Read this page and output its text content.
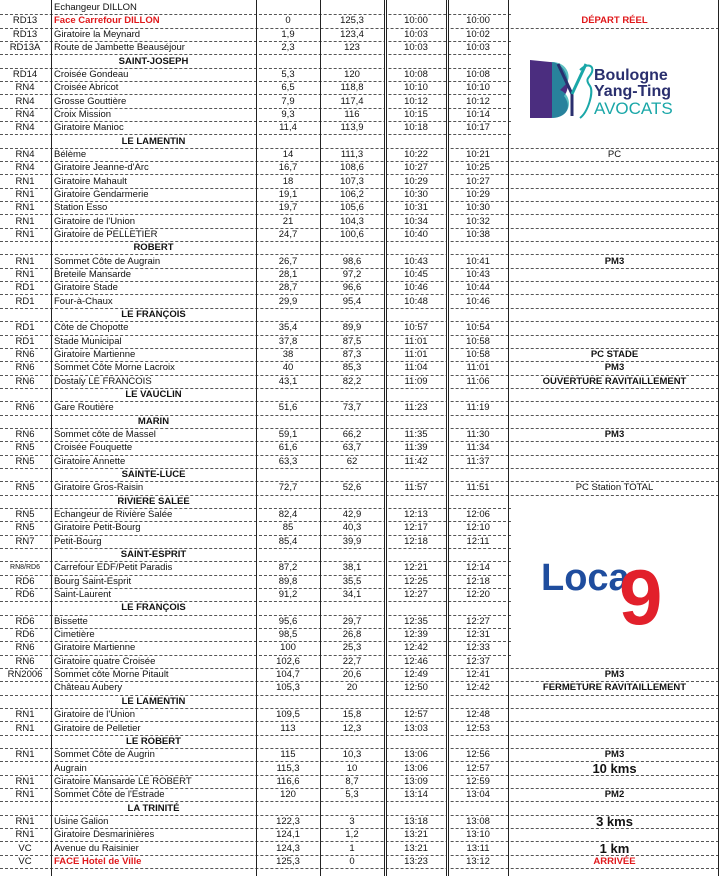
Echangeur DILLON
RD13	Face Carrefour DILLON	0	125,3	10:00	10:00	DÉPART RÉEL
RD13	Giratoire la Meynard	1,9	123,4	10:03	10:02
RD13A	Route de Jambette Beauséjour	2,3	123	10:03	10:03
SAINT-JOSEPH
RD14	Croisée Gondeau	5,3	120	10:08	10:08
RN4	Croisée Abricot	6,5	118,8	10:10	10:10
RN4	Grosse Gouttière	7,9	117,4	10:12	10:12
RN4	Croix Mission	9,3	116	10:15	10:14
RN4	Giratoire Manioc	11,4	113,9	10:18	10:17
LE LAMENTIN
RN4	Bélème	14	111,3	10:22	10:21	PC
RN4	Giratoire Jeanne-d'Arc	16,7	108,6	10:27	10:25
RN1	Giratoire Mahault	18	107,3	10:29	10:27
RN1	Giratoire Gendarmerie	19,1	106,2	10:30	10:29
RN1	Station Esso	19,7	105,6	10:31	10:30
RN1	Giratoire de l'Union	21	104,3	10:34	10:32
RN1	Giratoire de PELLETIER	24,7	100,6	10:40	10:38
ROBERT
RN1	Sommet Côte de Augrain	26,7	98,6	10:43	10:41	PM3
RN1	Breteile Mansarde	28,1	97,2	10:45	10:43
RD1	Giratoire Stade	28,7	96,6	10:46	10:44
RD1	Four-à-Chaux	29,9	95,4	10:48	10:46
LE FRANÇOIS
RD1	Côte de Chopotte	35,4	89,9	10:57	10:54
RD1	Stade Municipal	37,8	87,5	11:01	10:58
RN6	Giratoire Martienne	38	87,3	11:01	10:58	PC STADE
RN6	Sommet Côte Morne Lacroix	40	85,3	11:04	11:01	PM3
RN6	Dostaly LE FRANCOIS	43,1	82,2	11:09	11:06	OUVERTURE RAVITAILLEMENT
LE VAUCLIN
RN6	Gare Routière	51,6	73,7	11:23	11:19
MARIN
RN6	Sommet côte de Massel	59,1	66,2	11:35	11:30	PM3
RN5	Croisée Fouquette	61,6	63,7	11:39	11:34
RN5	Giratoire Annette	63,3	62	11:42	11:37
SAINTE-LUCE
RN5	Giratoire Gros-Raisin	72,7	52,6	11:57	11:51	PC Station TOTAL
RIVIERE SALEE
RN5	Echangeur de Rivière Salée	82,4	42,9	12:13	12:06
RN5	Giratoire Petit-Bourg	85	40,3	12:17	12:10
RN7	Petit-Bourg	85,4	39,9	12:18	12:11
SAINT-ESPRIT
RN8/RD6	Carrefour EDF/Petit Paradis	87,2	38,1	12:21	12:14
RD6	Bourg Saint-Esprit	89,8	35,5	12:25	12:18
RD6	Saint-Laurent	91,2	34,1	12:27	12:20
LE FRANÇOIS
RD6	Bissette	95,6	29,7	12:35	12:27
RD6	Cimetière	98,5	26,8	12:39	12:31
RN6	Giratoire Martienne	100	25,3	12:42	12:33
RN6	Giratoire quatre Croisée	102,6	22,7	12:46	12:37
RN2006	Sommet côte Morne Pitault	104,7	20,6	12:49	12:41	PM3
Château Aubery	105,3	20	12:50	12:42	FERMETURE RAVITAILLEMENT
LE LAMENTIN
RN1	Giratoire de l'Union	109,5	15,8	12:57	12:48
RN1	Giratoire de Pelletier	113	12,3	13:03	12:53
LE ROBERT
RN1	Sommet Côte de Augrin	115	10,3	13:06	12:56	PM3
Augrain	115,3	10	13:06	12:57	10 kms
RN1	Giratoire Mansarde LE ROBERT	116,6	8,7	13:09	12:59
RN1	Sommet Côte de l'Estrade	120	5,3	13:14	13:04	PM2
LA TRINITÉ
RN1	Usine Galion	122,3	3	13:18	13:08	3 kms
RN1	Giratoire Desmarinières	124,1	1,2	13:21	13:10
VC	Avenue du Raisinier	124,3	1	13:21	13:11	1 km
VC	FACE Hotel de Ville	125,3	0	13:23	13:12	ARRIVÉE
Boulogne
Yang-Ting
AVOCATS
Loca
9
